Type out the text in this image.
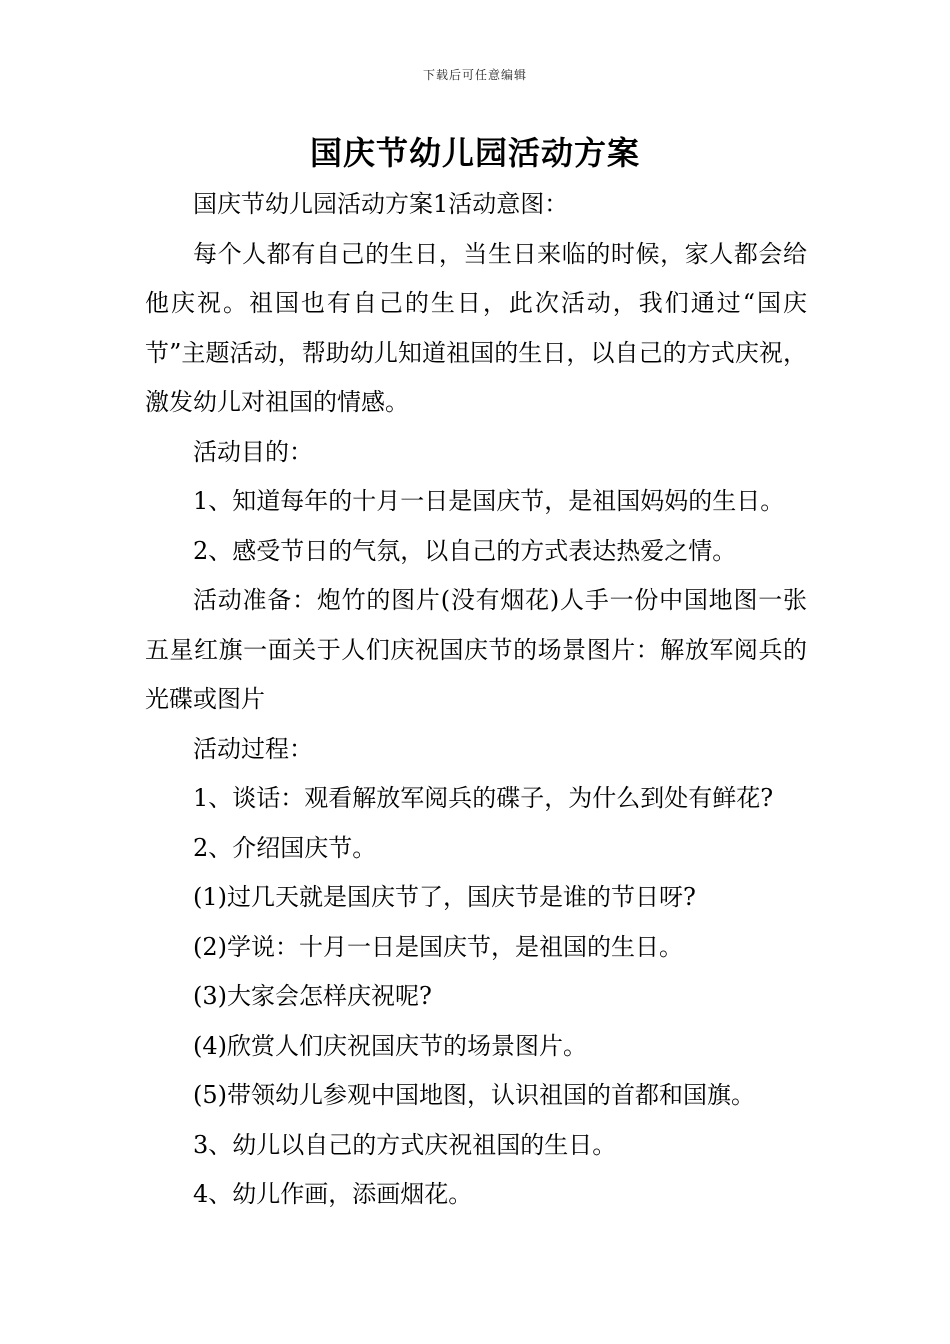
下载后可任意编辑
国庆节幼儿园活动方案

国庆节幼儿园活动方案1活动意图：

每个人都有自己的生日，当生日来临的时候，家人都会给他庆祝。祖国也有自己的生日，此次活动，我们通过“国庆节”主题活动，帮助幼儿知道祖国的生日，以自己的方式庆祝，激发幼儿对祖国的情感。

活动目的：

1、知道每年的十月一日是国庆节，是祖国妈妈的生日。

2、感受节日的气氛，以自己的方式表达热爱之情。

活动准备：炮竹的图片(没有烟花)人手一份中国地图一张五星红旗一面关于人们庆祝国庆节的场景图片：解放军阅兵的光碟或图片

活动过程：

1、谈话：观看解放军阅兵的碟子，为什么到处有鲜花?

2、介绍国庆节。

(1)过几天就是国庆节了，国庆节是谁的节日呀?

(2)学说：十月一日是国庆节，是祖国的生日。

(3)大家会怎样庆祝呢?

(4)欣赏人们庆祝国庆节的场景图片。

(5)带领幼儿参观中国地图，认识祖国的首都和国旗。

3、幼儿以自己的方式庆祝祖国的生日。

4、幼儿作画，添画烟花。
